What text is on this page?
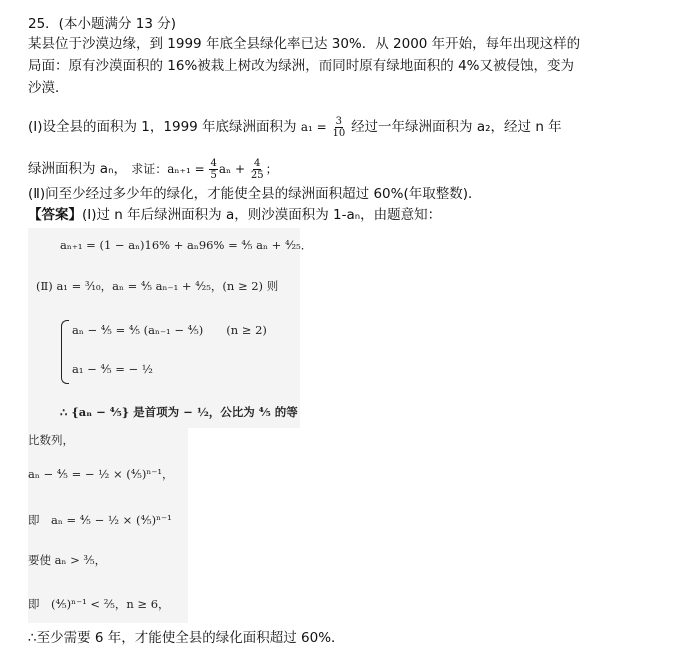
25．(本小题满分 13 分)
某县位于沙漠边缘，到 1999 年底全县绿化率已达 30%．从 2000 年开始，每年出现这样的
局面：原有沙漠面积的 16%被栽上树改为绿洲，而同时原有绿地面积的 4%又被侵蚀，变为
沙漠．
(Ⅰ)设全县的面积为 1，1999 年底绿洲面积为 $a_1 = \frac{3}{10}$ 经过一年绿洲面积为 a₂，经过 n 年
绿洲面积为 aₙ， 求证：$a_{n+1} = \frac{4}{5}$ $a_n + \frac{4}{25}$ ；
(Ⅱ)问至少经过多少年的绿化，才能使全县的绿洲面积超过 60%(年取整数)．
【答案】(Ⅰ)过 n 年后绿洲面积为 a，则沙漠面积为 1-aₙ，由题意知：
aₙ₊₁ = (1 − aₙ)16% + aₙ96% = ⁴⁄₅ aₙ + ⁴⁄₂₅．
(Ⅱ) a₁ = ³⁄₁₀，aₙ = ⁴⁄₅ aₙ₋₁ + ⁴⁄₂₅，(n ≥ 2) 则
aₙ − ⁴⁄₅ = ⁴⁄₅ (aₙ₋₁ − ⁴⁄₅)　　(n ≥ 2)
a₁ − ⁴⁄₅ = − ½
∴ {aₙ − ⁴⁄₅} 是首项为 − ½，公比为 ⁴⁄₅ 的等
比数列，
aₙ − ⁴⁄₅ = − ½ × (⁴⁄₅)ⁿ⁻¹，
即　aₙ = ⁴⁄₅ − ½ × (⁴⁄₅)ⁿ⁻¹
要使 aₙ > ³⁄₅，
即　(⁴⁄₅)ⁿ⁻¹ < ²⁄₅，n ≥ 6，
∴至少需要 6 年，才能使全县的绿化面积超过 60%．
